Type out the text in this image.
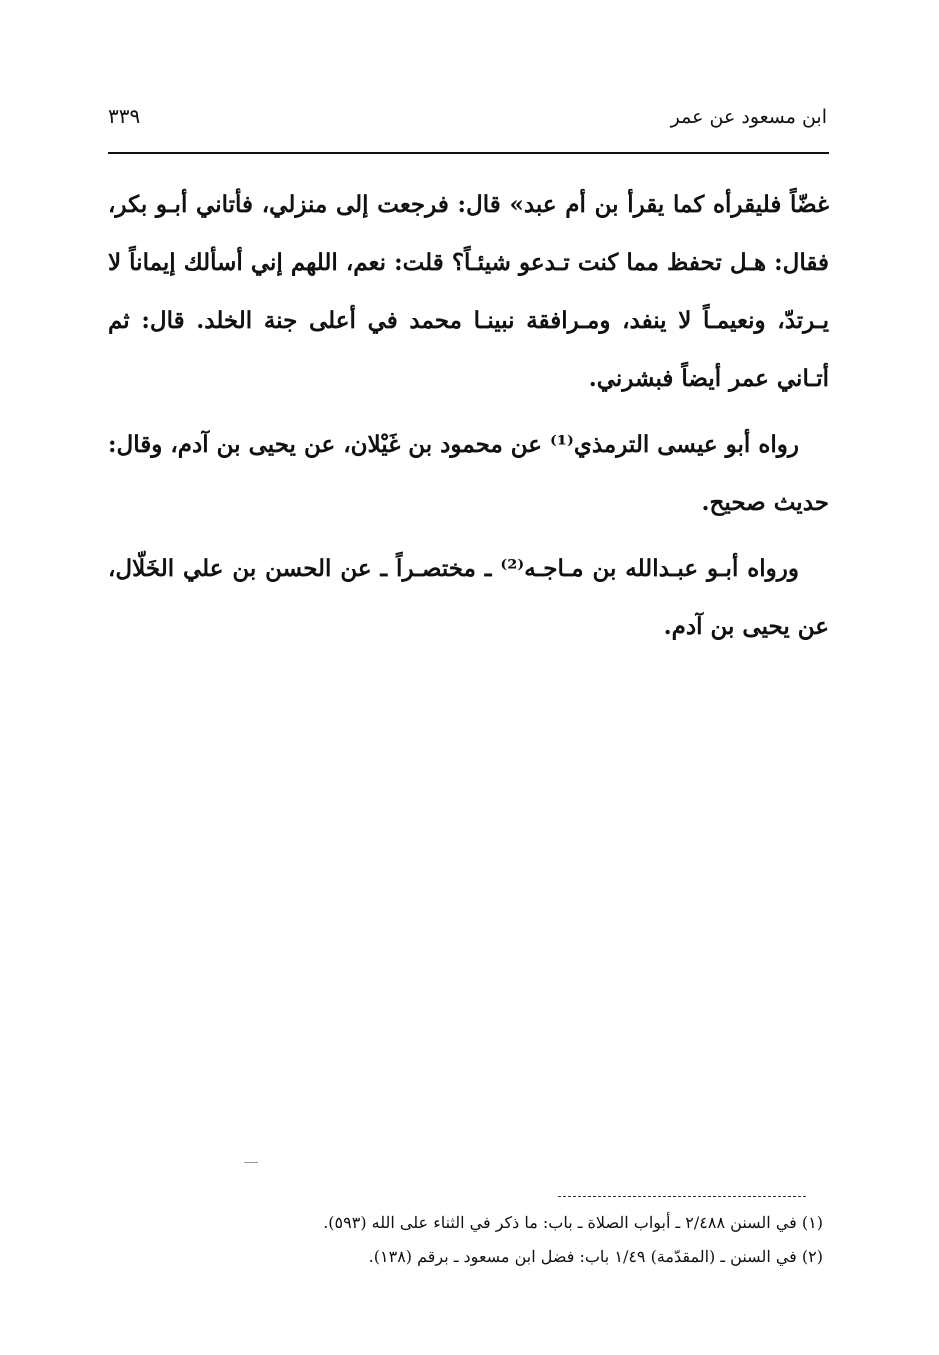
ابن مسعود عن عمر
٣٣٩

غضّاً فليقرأه كما يقرأ بن أم عبد» قال: فرجعت إلى منزلي، فأتاني أبـو بكر، فقال: هـل تحفظ مما كنت تـدعو شيئـاً؟ قلت: نعم، اللهم إني أسألك إيماناً لا يـرتدّ، ونعيمـاً لا ينفد، ومـرافقة نبينـا محمد في أعلى جنة الخلد. قال: ثم أتـاني عمر أيضاً فبشرني.

رواه أبو عيسى الترمذي⁽¹⁾ عن محمود بن غَيْلان، عن يحيى بن آدم، وقال: حديث صحيح.

ورواه أبـو عبـدالله بن مـاجـه⁽²⁾ ـ مختصـراً ـ عن الحسن بن علي الخَلّال، عن يحيى بن آدم.

(١) في السنن ٢/٤٨٨ ـ أبواب الصلاة ـ باب: ما ذكر في الثناء على الله (٥٩٣).

(٢) في السنن ـ (المقدّمة) ١/٤٩ باب: فضل ابن مسعود ـ برقم (١٣٨).
